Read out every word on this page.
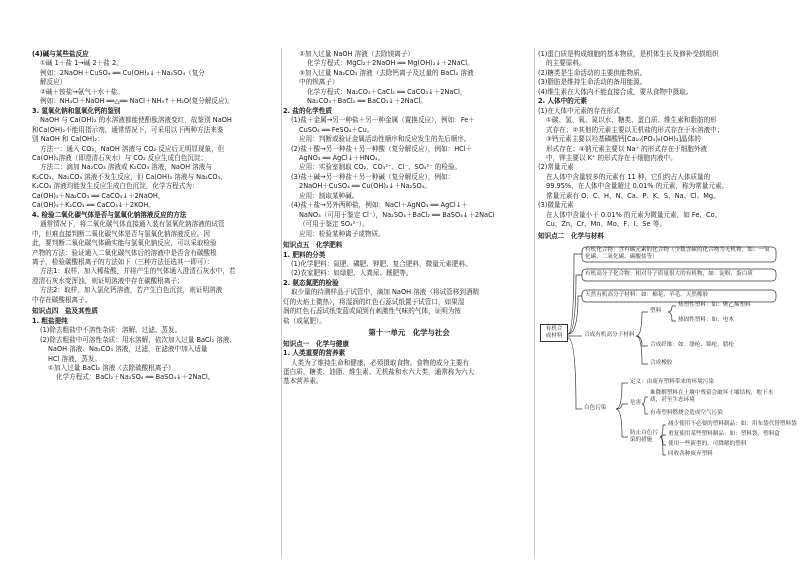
(4)碱与某些盐反应
①碱 1＋盐 1→碱 2＋盐 2。
例如：2NaOH＋CuSO₄ ══ Cu(OH)₂↓＋Na₂SO₄（复分
解反应）
②碱＋铵盐→氨气＋水＋盐。
例如：NH₄Cl＋NaOH ══△══ NaCl＋NH₃↑＋H₂O(复分解反应)。
3. 氢氧化钠和氢氧化钙的鉴别
NaOH 与 Ca(OH)₂ 的水溶液都能使酚酞溶液变红，故鉴别 NaOH
和Ca(OH)₂不能用指示剂，通常情况下，可采用以下两种方法来鉴
别 NaOH 和 Ca(OH)₂：
方法一：通入 CO₂，NaOH 溶液与 CO₂ 反应后无明显现象，但
Ca(OH)₂溶液（即澄清石灰水）与 CO₂ 反应生成白色沉淀；
方法二：滴加 Na₂CO₃ 溶液或 K₂CO₃ 溶液，NaOH 溶液与
K₂CO₃、Na₂CO₃ 溶液不发生反应，但 Ca(OH)₂ 溶液与 Na₂CO₃、
K₂CO₃ 溶液均能发生反应生成白色沉淀，化学方程式为：
Ca(OH)₂＋Na₂CO₃ ══ CaCO₃↓＋2NaOH，
Ca(OH)₂＋K₂CO₃ ══ CaCO₃↓＋2KOH。
4. 检验二氧化碳气体是否与氢氧化钠溶液反应的方法
通常情况下，将二氧化碳气体直接通入装有氢氧化钠溶液的试管
中，但难直接判断二氧化碳气体是否与氢氧化钠溶液反应。因
此，要判断二氧化碳气体确实能与氢氧化钠反应，可以采取检验
产物的方法：验证通入二氧化碳气体后的溶液中是否含有碳酸根
离子，检验碳酸根离子的方法如下（三种方法任选其一即可）：
方法1：取样，加入稀盐酸，并将产生的气体通入澄清石灰水中，若
澄清石灰水变浑浊，则证明溶液中存在碳酸根离子；
方法2：取样，加入氯化钙溶液，若产生白色沉淀，则证明溶液
中存在碳酸根离子。
知识点四　盐及其性质
1. 粗盐提纯
(1)除去粗盐中不溶性杂质：溶解、过滤、蒸发。
(2)除去粗盐中可溶性杂质：用水溶解，依次加入过量 BaCl₂ 溶液、
NaOH 溶液、Na₂CO₃ 溶液，过滤，在滤液中加入适量
HCl 溶液，蒸发。
①加入过量 BaCl₂ 溶液（去除硫酸根离子）
化学方程式：BaCl₂＋Na₂SO₄ ══ BaSO₄↓＋2NaCl。
②加入过量 NaOH 溶液（去除镁离子）
化学方程式：MgCl₂＋2NaOH ══ Mg(OH)₂↓＋2NaCl。
③加入过量 Na₂CO₃ 溶液（去除钙离子及过量的 BaCl₂ 溶液
中的钡离子）
化学方程式：Na₂CO₃＋CaCl₂ ══ CaCO₃↓＋2NaCl，
Na₂CO₃＋BaCl₂ ══ BaCO₃↓＋2NaCl。
2. 盐的化学性质
(1)盐＋金属→另一种盐＋另一种金属（置换反应），例如：Fe＋
CuSO₄ ══ FeSO₄＋Cu。
应用：判断或验证金属活动性顺序和反应发生的先后顺序。
(2)盐＋酸→另一种盐＋另一种酸（复分解反应），例如：HCl＋
AgNO₃ ══ AgCl↓＋HNO₃。
应用：实验室制取 CO₂、CO₃²⁻、Cl⁻、SO₄²⁻ 的检验。
(3)盐＋碱→另一种盐＋另一种碱（复分解反应），例如：
2NaOH＋CuSO₄ ══ Cu(OH)₂↓＋Na₂SO₄。
应用：制取某种碱。
(4)盐＋盐→另外两种盐，例如：NaCl＋AgNO₃ ══ AgCl↓＋
NaNO₃（可用于鉴定 Cl⁻），Na₂SO₄＋BaCl₂ ══ BaSO₄↓＋2NaCl
（可用于鉴定 SO₄²⁻）。
应用：检验某种离子或物质。
知识点五　化学肥料
1. 肥料的分类
(1)化学肥料：氮肥、磷肥、钾肥、复合肥料、微量元素肥料。
(2)农家肥料：如绿肥、人粪尿、厩肥等。
2. 氨态氮肥的检验
取少量的待测样品于试管中，滴加 NaOH 溶液（将试管移到酒精
灯的火焰上微热），将湿润的红色石蕊试纸置于试管口，如果湿
润的红色石蕊试纸变蓝或闻到有刺激性气味的气体，证明为铵
盐（或氮肥）。
第十一单元　化学与社会
知识点一　化学与健康
1. 人类重要的营养素
人类为了维持生命和健康，必须摄取食物。食物的成分主要有
蛋白质、糖类、油脂、维生素、无机盐和水六大类，通常称为六大
基本营养素。
(1)蛋白质是构成细胞的基本物质，是机体生长及修补受损组织
的主要原料。
(2)糖类是生命活动的主要供能物质。
(3)脂肪是维持生命活动的备用能源。
(4)维生素在人体内不能直接合成，要从食物中摄取。
2. 人体中的元素
(1)在人体中元素的存在形式
①碳、氢、氧、氮以水、糖类、蛋白质、维生素和脂肪的形
式存在；②其他的元素主要以无机盐的形式存在于水溶液中；
③钙元素主要以羟基磷酸钙[Ca₁₀(PO₄)₆(OH)₂]晶体的
形式存在；④钠元素主要以 Na⁺ 的形式存在于细胞外液
中，钾主要以 K⁺ 的形式存在于细胞内液中。
(2)常量元素
在人体中含量较多的元素有 11 种，它们约占人体质量的
99.95%，在人体中含量超过 0.01% 的元素，称为常量元素。
常量元素有 O、C、H、N、Ca、P、K、S、Na、Cl、Mg。
(3)微量元素
在人体中含量小于 0.01% 的元素为微量元素，如 Fe、Co、
Cu、Zn、Cr、Mn、Mo、F、I、Se 等。
知识点二　化学与材料
有机合成材料
有机化合物：含有碳元素的化合物（少数含碳的化合物为无机物，如：一氧化碳、二氧化碳、碳酸盐等）
有机高分子化合物：相对分子质量很大的有机物，如：淀粉、蛋白质
天然有机高分子材料：如：棉花、羊毛、天然橡胶
合成有机高分子材料
塑料
热塑性塑料：如：聚乙烯塑料
热固性塑料：如：电木
合成纤维：如：涤纶、锦纶、腈纶
合成橡胶
白色污染
定义：由废弃塑料带来的环境污染
危害
难降解塑料在土壤中残留会破坏土壤结构，地下水质，甚至生态环境
有毒塑料燃烧会造成空气污染
防止白色污染的措施
减少使用不必要的塑料制品：如：用布袋代替塑料袋
重复使用某些塑料制品：如：塑料袋、塑料盒
使用一些新型的、可降解的塑料
回收各种废弃塑料
